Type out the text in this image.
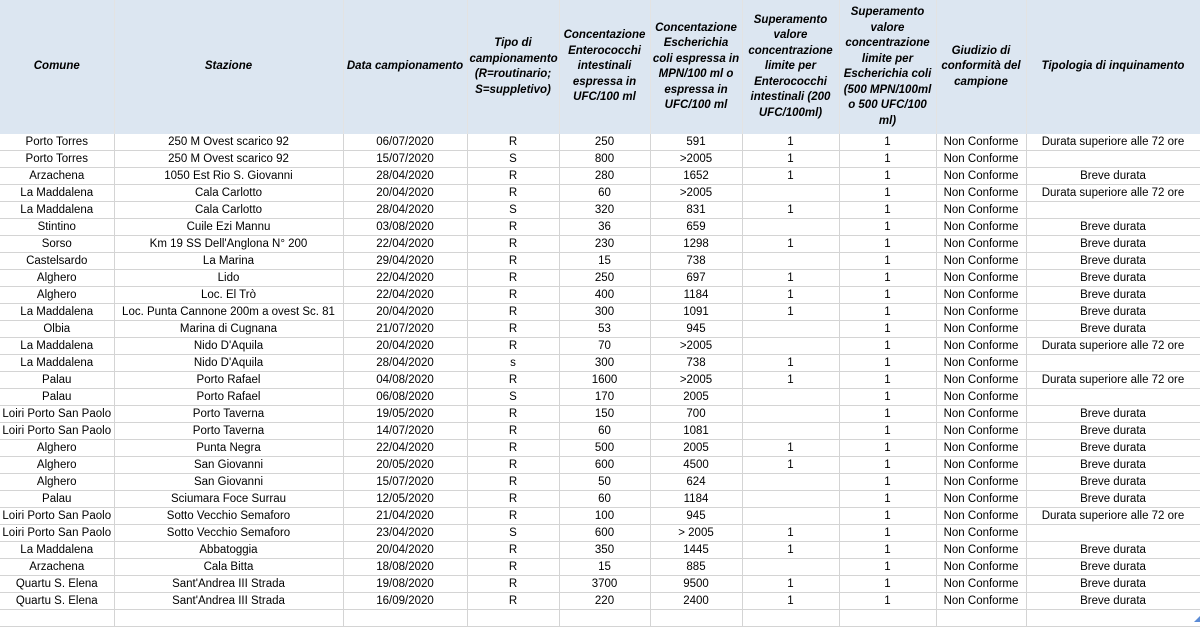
Comune	Stazione	Data campionamento	Tipo di campionamento (R=routinario; S=suppletivo)	Concentazione Enterococchi intestinali espressa in UFC/100 ml	Concentazione Escherichia coli espressa in MPN/100 ml o espressa in UFC/100 ml	Superamento valore concentrazione limite per Enterococchi intestinali (200 UFC/100ml)	Superamento valore concentrazione limite per Escherichia coli (500 MPN/100ml o 500 UFC/100 ml)	Giudizio di conformità del campione	Tipologia di inquinamento
Porto Torres	250 M Ovest scarico 92	06/07/2020	R	250	591	1	1	Non Conforme	Durata superiore alle 72 ore
Porto Torres	250 M Ovest scarico 92	15/07/2020	S	800	>2005	1	1	Non Conforme	
Arzachena	1050 Est Rio S. Giovanni	28/04/2020	R	280	1652	1	1	Non Conforme	Breve durata
La Maddalena	Cala Carlotto	20/04/2020	R	60	>2005		1	Non Conforme	Durata superiore alle 72 ore
La Maddalena	Cala Carlotto	28/04/2020	S	320	831	1	1	Non Conforme	
Stintino	Cuile Ezi Mannu	03/08/2020	R	36	659		1	Non Conforme	Breve durata
Sorso	Km 19 SS Dell'Anglona N° 200	22/04/2020	R	230	1298	1	1	Non Conforme	Breve durata
Castelsardo	La Marina	29/04/2020	R	15	738		1	Non Conforme	Breve durata
Alghero	Lido	22/04/2020	R	250	697	1	1	Non Conforme	Breve durata
Alghero	Loc. El Trò	22/04/2020	R	400	1184	1	1	Non Conforme	Breve durata
La Maddalena	Loc. Punta Cannone 200m a ovest Sc. 81	20/04/2020	R	300	1091	1	1	Non Conforme	Breve durata
Olbia	Marina di Cugnana	21/07/2020	R	53	945		1	Non Conforme	Breve durata
La Maddalena	Nido D'Aquila	20/04/2020	R	70	>2005		1	Non Conforme	Durata superiore alle 72 ore
La Maddalena	Nido D'Aquila	28/04/2020	s	300	738	1	1	Non Conforme	
Palau	Porto Rafael	04/08/2020	R	1600	>2005	1	1	Non Conforme	Durata superiore alle 72 ore
Palau	Porto Rafael	06/08/2020	S	170	2005		1	Non Conforme	
Loiri Porto San Paolo	Porto Taverna	19/05/2020	R	150	700		1	Non Conforme	Breve durata
Loiri Porto San Paolo	Porto Taverna	14/07/2020	R	60	1081		1	Non Conforme	Breve durata
Alghero	Punta Negra	22/04/2020	R	500	2005	1	1	Non Conforme	Breve durata
Alghero	San Giovanni	20/05/2020	R	600	4500	1	1	Non Conforme	Breve durata
Alghero	San Giovanni	15/07/2020	R	50	624		1	Non Conforme	Breve durata
Palau	Sciumara Foce Surrau	12/05/2020	R	60	1184		1	Non Conforme	Breve durata
Loiri Porto San Paolo	Sotto Vecchio Semaforo	21/04/2020	R	100	945		1	Non Conforme	Durata superiore alle 72 ore
Loiri Porto San Paolo	Sotto Vecchio Semaforo	23/04/2020	S	600	> 2005	1	1	Non Conforme	
La Maddalena	Abbatoggia	20/04/2020	R	350	1445	1	1	Non Conforme	Breve durata
Arzachena	Cala Bitta	18/08/2020	R	15	885		1	Non Conforme	Breve durata
Quartu S. Elena	Sant'Andrea III Strada	19/08/2020	R	3700	9500	1	1	Non Conforme	Breve durata
Quartu S. Elena	Sant'Andrea III Strada	16/09/2020	R	220	2400	1	1	Non Conforme	Breve durata
